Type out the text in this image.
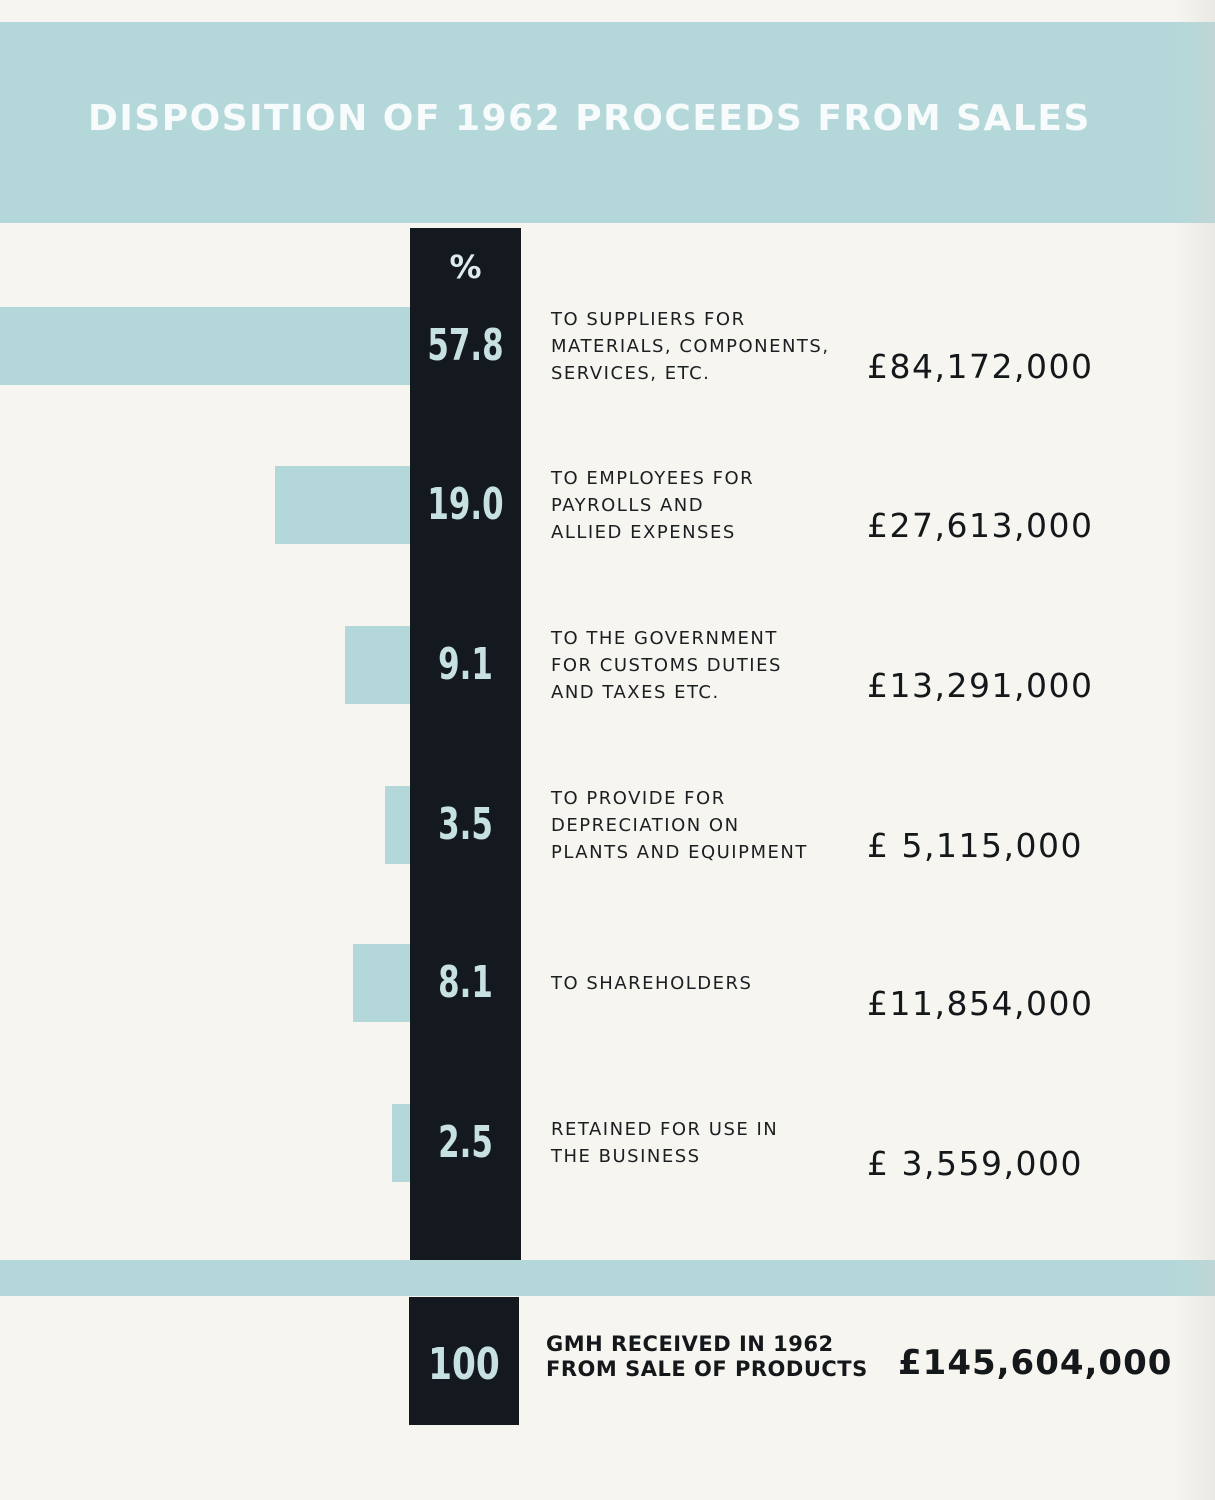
DISPOSITION OF 1962 PROCEEDS FROM SALES
%
57.8
TO SUPPLIERS FOR
MATERIALS, COMPONENTS,
SERVICES, ETC.	£84,172,000
19.0
TO EMPLOYEES FOR
PAYROLLS AND
ALLIED EXPENSES	£27,613,000
9.1
TO THE GOVERNMENT
FOR CUSTOMS DUTIES
AND TAXES ETC.	£13,291,000
3.5
TO PROVIDE FOR
DEPRECIATION ON
PLANTS AND EQUIPMENT	£ 5,115,000
8.1	TO SHAREHOLDERS
£11,854,000
2.5	RETAINED FOR USE IN
THE BUSINESS	£ 3,559,000
100	GMH RECEIVED IN 1962
FROM SALE OF PRODUCTS £145,604,000
